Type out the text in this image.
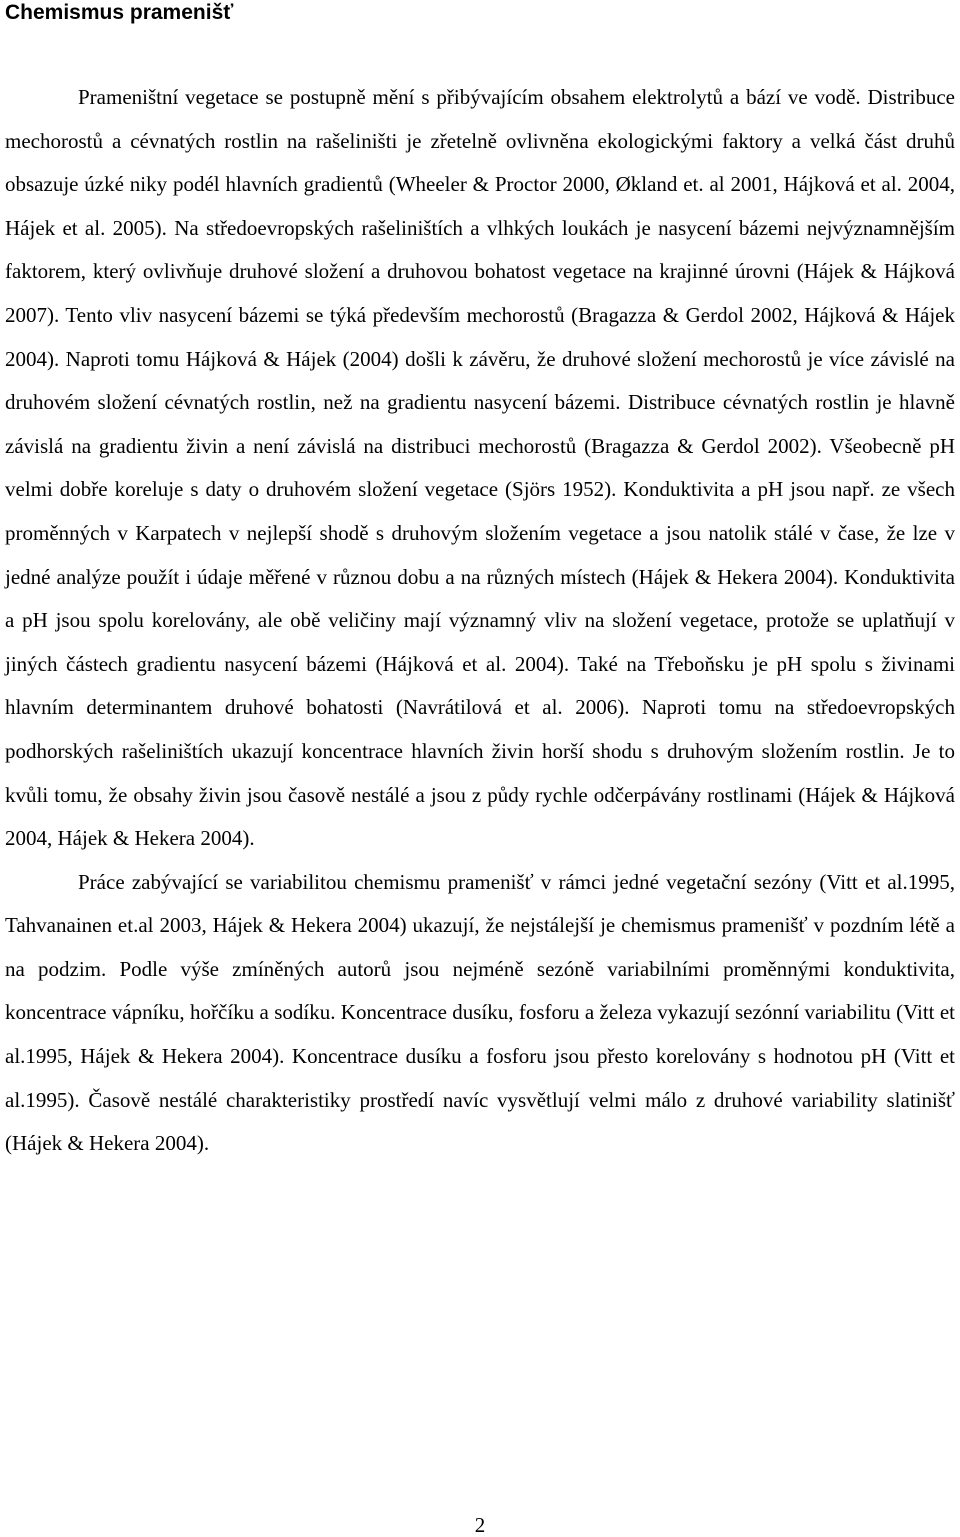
Chemismus pramenišť

Prameništní vegetace se postupně mění s přibývajícím obsahem elektrolytů a bází ve vodě. Distribuce mechorostů a cévnatých rostlin na rašeliništi je zřetelně ovlivněna ekologickými faktory a velká část druhů obsazuje úzké niky podél hlavních gradientů (Wheeler & Proctor 2000, Økland et. al 2001, Hájková et al. 2004, Hájek et al. 2005). Na středoevropských rašeliništích a vlhkých loukách je nasycení bázemi nejvýznamnějším faktorem, který ovlivňuje druhové složení a druhovou bohatost vegetace na krajinné úrovni (Hájek & Hájková 2007). Tento vliv nasycení bázemi se týká především mechorostů (Bragazza & Gerdol 2002, Hájková & Hájek 2004). Naproti tomu Hájková & Hájek (2004) došli k závěru, že druhové složení mechorostů je více závislé na druhovém složení cévnatých rostlin, než na gradientu nasycení bázemi. Distribuce cévnatých rostlin je hlavně závislá na gradientu živin a není závislá na distribuci mechorostů (Bragazza & Gerdol 2002). Všeobecně pH velmi dobře koreluje s daty o druhovém složení vegetace (Sjörs 1952). Konduktivita a pH jsou např. ze všech proměnných v Karpatech v nejlepší shodě s druhovým složením vegetace a jsou natolik stálé v čase, že lze v jedné analýze použít i údaje měřené v různou dobu a na různých místech (Hájek & Hekera 2004). Konduktivita a pH jsou spolu korelovány, ale obě veličiny mají významný vliv na složení vegetace, protože se uplatňují v jiných částech gradientu nasycení bázemi (Hájková et al. 2004). Také na Třeboňsku je pH spolu s živinami hlavním determinantem druhové bohatosti (Navrátilová et al. 2006). Naproti tomu na středoevropských podhorských rašeliništích ukazují koncentrace hlavních živin horší shodu s druhovým složením rostlin. Je to kvůli tomu, že obsahy živin jsou časově nestálé a jsou z půdy rychle odčerpávány rostlinami (Hájek & Hájková 2004, Hájek & Hekera 2004).

Práce zabývající se variabilitou chemismu pramenišť v rámci jedné vegetační sezóny (Vitt et al.1995, Tahvanainen et.al 2003, Hájek & Hekera 2004) ukazují, že nejstálejší je chemismus pramenišť v pozdním létě a na podzim. Podle výše zmíněných autorů jsou nejméně sezóně variabilními proměnnými konduktivita, koncentrace vápníku, hořčíku a sodíku. Koncentrace dusíku, fosforu a železa vykazují sezónní variabilitu (Vitt et al.1995, Hájek & Hekera 2004). Koncentrace dusíku a fosforu jsou přesto korelovány s hodnotou pH (Vitt et al.1995). Časově nestálé charakteristiky prostředí navíc vysvětlují velmi málo z druhové variability slatinišť (Hájek & Hekera 2004).

2
